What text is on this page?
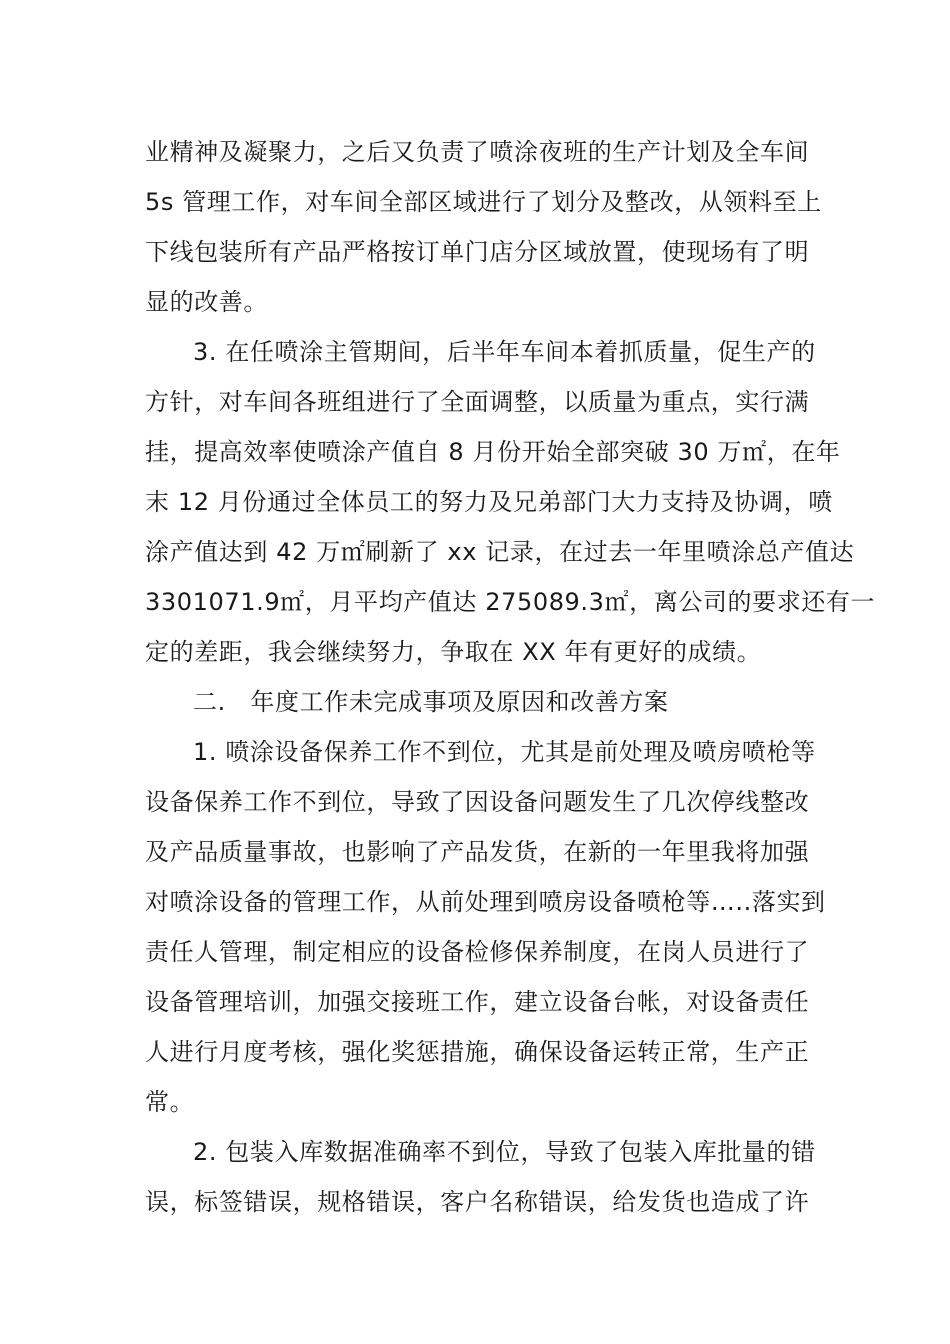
业精神及凝聚力，之后又负责了喷涂夜班的生产计划及全车间
5s 管理工作，对车间全部区域进行了划分及整改，从领料至上
下线包装所有产品严格按订单门店分区域放置，使现场有了明
显的改善。
3. 在任喷涂主管期间，后半年车间本着抓质量，促生产的
方针，对车间各班组进行了全面调整，以质量为重点，实行满
挂，提高效率使喷涂产值自 8 月份开始全部突破 30 万㎡，在年
末 12 月份通过全体员工的努力及兄弟部门大力支持及协调，喷
涂产值达到 42 万㎡刷新了 xx 记录，在过去一年里喷涂总产值达
3301071.9㎡，月平均产值达 275089.3㎡，离公司的要求还有一
定的差距，我会继续努力，争取在 XX 年有更好的成绩。
二.　年度工作未完成事项及原因和改善方案
1. 喷涂设备保养工作不到位，尤其是前处理及喷房喷枪等
设备保养工作不到位，导致了因设备问题发生了几次停线整改
及产品质量事故，也影响了产品发货，在新的一年里我将加强
对喷涂设备的管理工作，从前处理到喷房设备喷枪等…..落实到
责任人管理，制定相应的设备检修保养制度，在岗人员进行了
设备管理培训，加强交接班工作，建立设备台帐，对设备责任
人进行月度考核，强化奖惩措施，确保设备运转正常，生产正
常。
2. 包装入库数据准确率不到位，导致了包装入库批量的错
误，标签错误，规格错误，客户名称错误，给发货也造成了许
